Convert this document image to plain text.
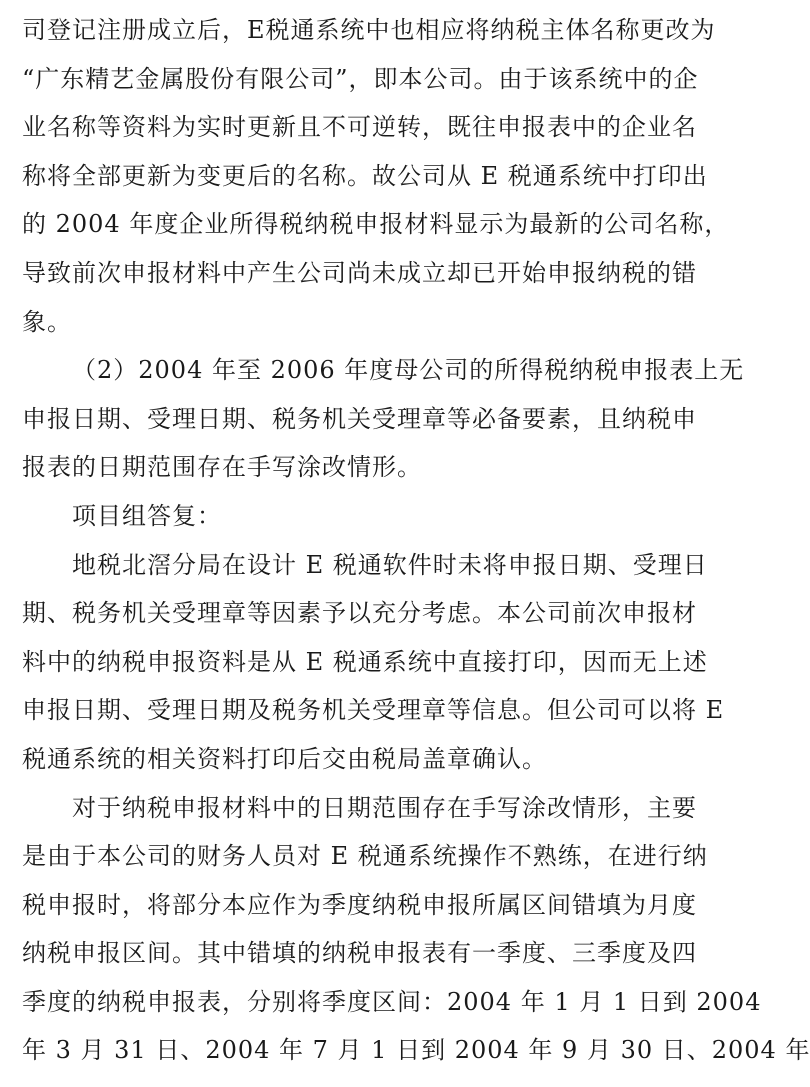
司登记注册成立后，E税通系统中也相应将纳税主体名称更改为
“广东精艺金属股份有限公司”，即本公司。由于该系统中的企
业名称等资料为实时更新且不可逆转，既往申报表中的企业名
称将全部更新为变更后的名称。故公司从 E 税通系统中打印出
的 2004 年度企业所得税纳税申报材料显示为最新的公司名称，
导致前次申报材料中产生公司尚未成立却已开始申报纳税的错
象。
（2）2004 年至 2006 年度母公司的所得税纳税申报表上无
申报日期、受理日期、税务机关受理章等必备要素，且纳税申
报表的日期范围存在手写涂改情形。
项目组答复：
地税北滘分局在设计 E 税通软件时未将申报日期、受理日
期、税务机关受理章等因素予以充分考虑。本公司前次申报材
料中的纳税申报资料是从 E 税通系统中直接打印，因而无上述
申报日期、受理日期及税务机关受理章等信息。但公司可以将 E
税通系统的相关资料打印后交由税局盖章确认。
对于纳税申报材料中的日期范围存在手写涂改情形，主要
是由于本公司的财务人员对 E 税通系统操作不熟练，在进行纳
税申报时，将部分本应作为季度纳税申报所属区间错填为月度
纳税申报区间。其中错填的纳税申报表有一季度、三季度及四
季度的纳税申报表，分别将季度区间：2004 年 1 月 1 日到 2004
年 3 月 31 日、2004 年 7 月 1 日到 2004 年 9 月 30 日、2004 年
